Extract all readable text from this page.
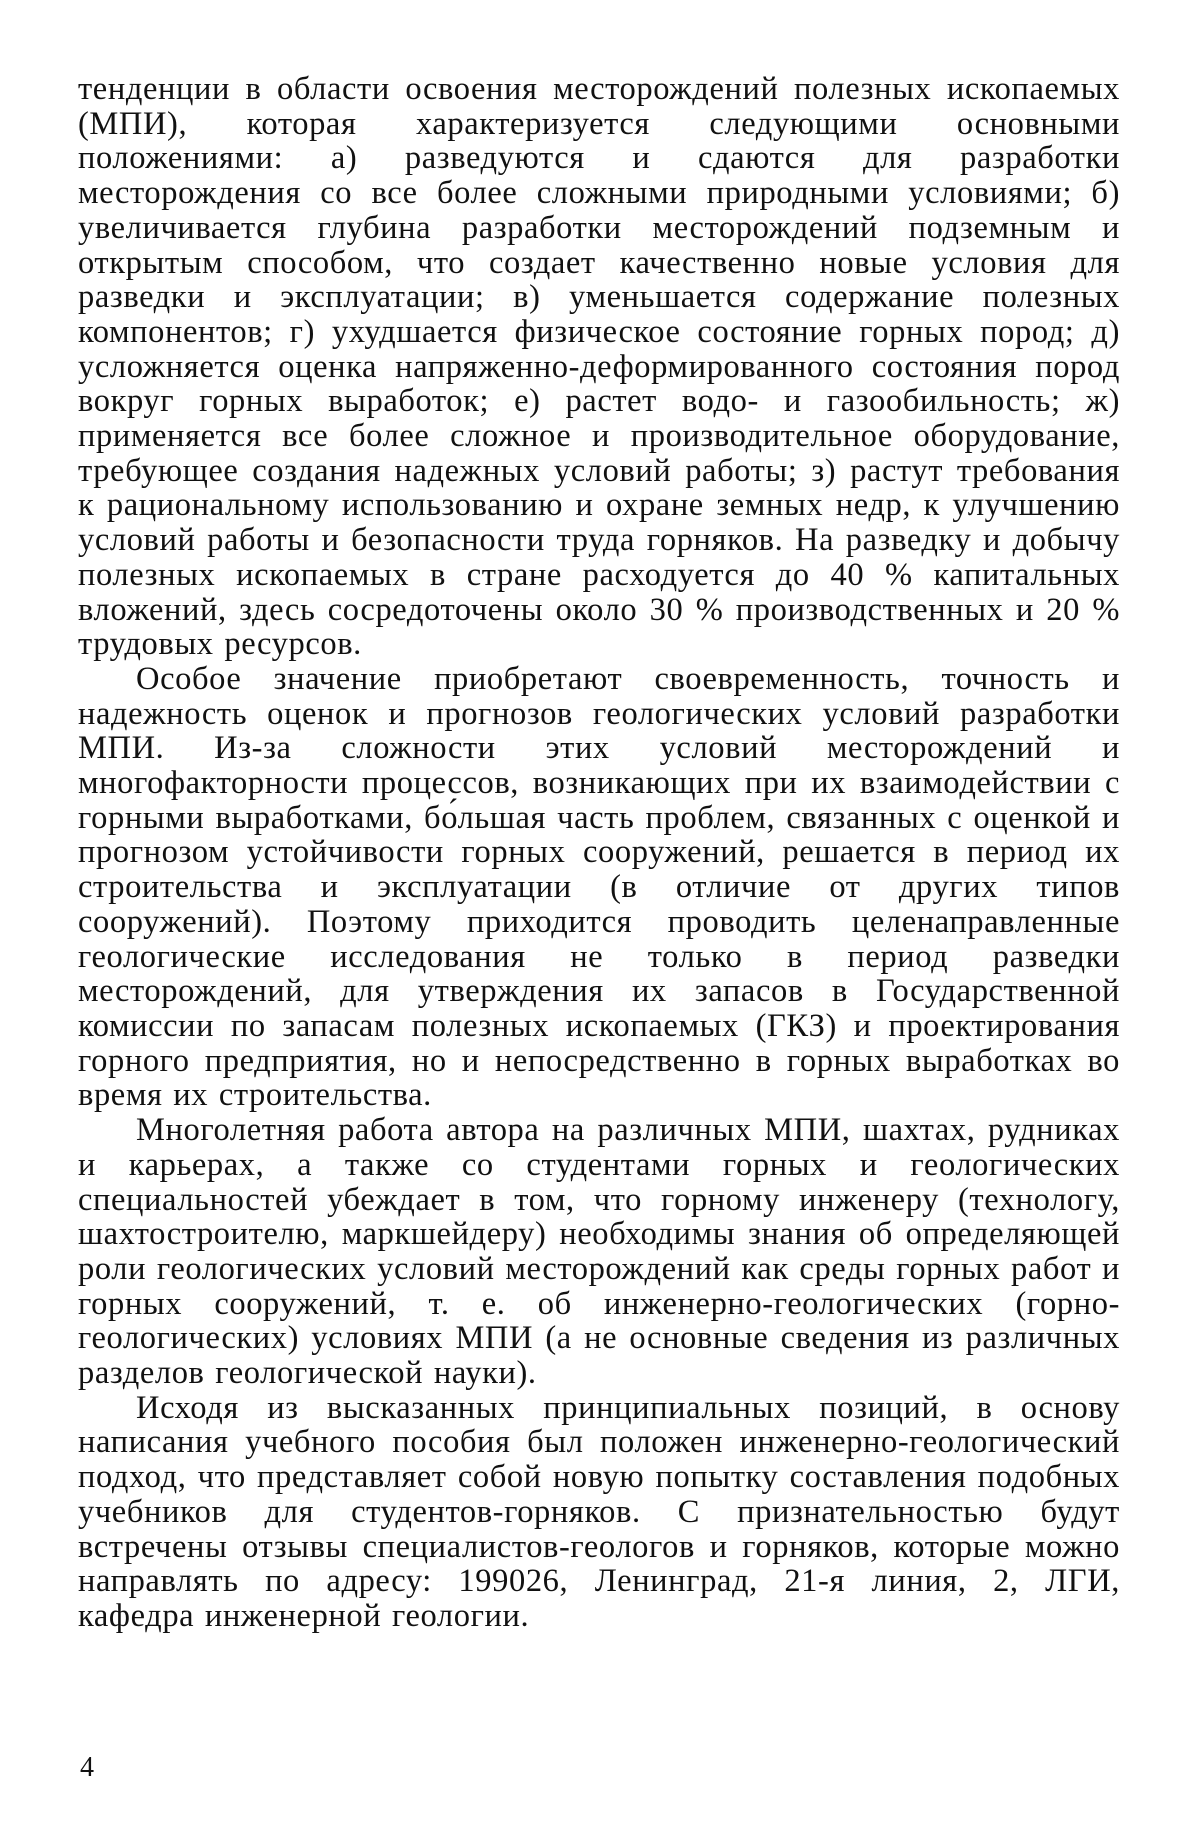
тенденции в области освоения месторождений полезных ископаемых (МПИ), которая характеризуется следующими основными положениями: а) разведуются и сдаются для разработки месторождения со все более сложными природными условиями; б) увеличивается глубина разработки месторождений подземным и открытым способом, что создает качественно новые условия для разведки и эксплуатации; в) уменьшается содержание полезных компонентов; г) ухудшается физическое состояние горных пород; д) усложняется оценка напряженно-деформированного состояния пород вокруг горных выработок; е) растет водо- и газообильность; ж) применяется все более сложное и производительное оборудование, требующее создания надежных условий работы; з) растут требования к рациональному использованию и охране земных недр, к улучшению условий работы и безопасности труда горняков. На разведку и добычу полезных ископаемых в стране расходуется до 40 % капитальных вложений, здесь сосредоточены около 30 % производственных и 20 % трудовых ресурсов.

Особое значение приобретают своевременность, точность и надежность оценок и прогнозов геологических условий разработки МПИ. Из-за сложности этих условий месторождений и многофакторности процессов, возникающих при их взаимодействии с горными выработками, бо́льшая часть проблем, связанных с оценкой и прогнозом устойчивости горных сооружений, решается в период их строительства и эксплуатации (в отличие от других типов сооружений). Поэтому приходится проводить целенаправленные геологические исследования не только в период разведки месторождений, для утверждения их запасов в Государственной комиссии по запасам полезных ископаемых (ГКЗ) и проектирования горного предприятия, но и непосредственно в горных выработках во время их строительства.

Многолетняя работа автора на различных МПИ, шахтах, рудниках и карьерах, а также со студентами горных и геологических специальностей убеждает в том, что горному инженеру (технологу, шахтостроителю, маркшейдеру) необходимы знания об определяющей роли геологических условий месторождений как среды горных работ и горных сооружений, т. е. об инженерно-геологических (горно-геологических) условиях МПИ (а не основные сведения из различных разделов геологической науки).

Исходя из высказанных принципиальных позиций, в основу написания учебного пособия был положен инженерно-геологический подход, что представляет собой новую попытку составления подобных учебников для студентов-горняков. С признательностью будут встречены отзывы специалистов-геологов и горняков, которые можно направлять по адресу: 199026, Ленинград, 21-я линия, 2, ЛГИ, кафедра инженерной геологии.

4
